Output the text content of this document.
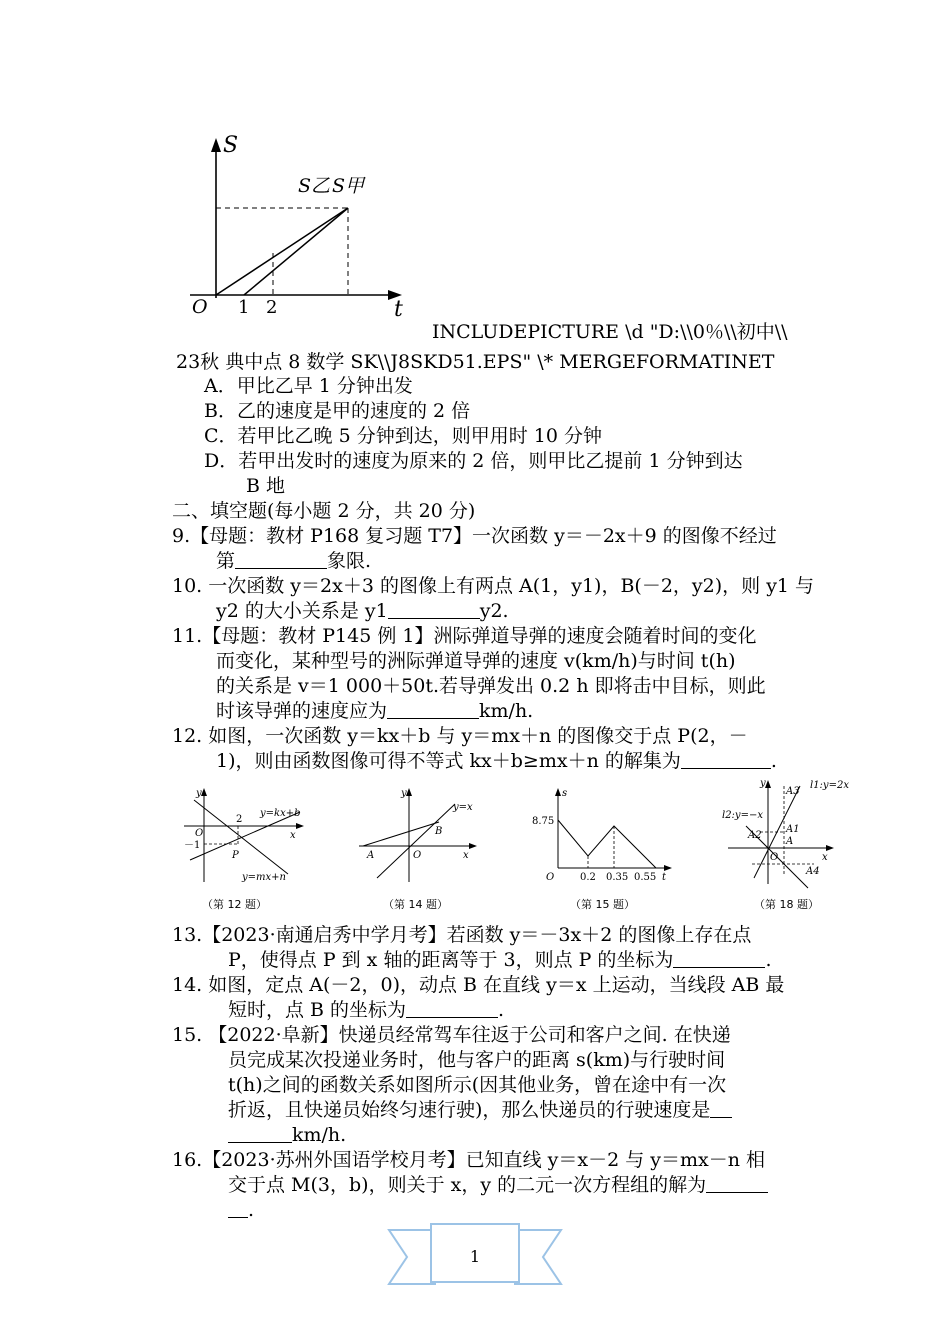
S
t
O 1 2
S乙 S甲
INCLUDEPICTURE \d "D:\\0％\\初中\\
23秋 典中点 8 数学 SK\\J8SKD51.EPS" \* MERGEFORMATINET
A．甲比乙早 1 分钟出发
B．乙的速度是甲的速度的 2 倍
C．若甲比乙晚 5 分钟到达，则甲用时 10 分钟
D．若甲出发时的速度为原来的 2 倍，则甲比乙提前 1 分钟到达
B 地
二、填空题(每小题 2 分，共 20 分)
9.【母题：教材 P168 复习题 T7】一次函数 y＝－2x＋9 的图像不经过
第	象限.
10. 一次函数 y＝2x＋3 的图像上有两点 A(1，y1)，B(－2，y2)，则 y1 与
y2 的大小关系是 y1	y2.
11.【母题：教材 P145 例 1】洲际弹道导弹的速度会随着时间的变化
而变化，某种型号的洲际弹道导弹的速度 v(km/h)与时间 t(h)
的关系是 v＝1 000＋50t.若导弹发出 0.2 h 即将击中目标，则此
时该导弹的速度应为	km/h.
12. 如图，一次函数 y＝kx＋b 与 y＝mx＋n 的图像交于点 P(2，－
1)，则由函数图像可得不等式 kx＋b≥mx＋n 的解集为	.
y
x
O
2
－1
P
y=kx+b
y=mx+n
（第 12 题）
y
x
O
A
B
y=x
（第 14 题）
s
t
O
8.75
0.2 0.35 0.55
（第 15 题）
y
x
O
l1:y=2x
l2:y=−x
A
A1
A2
A3
A4
（第 18 题）
13.【2023·南通启秀中学月考】若函数 y＝－3x＋2 的图像上存在点
P，使得点 P 到 x 轴的距离等于 3，则点 P 的坐标为	.
14. 如图，定点 A(－2，0)，动点 B 在直线 y＝x 上运动，当线段 AB 最
短时，点 B 的坐标为	.
15. 【2022·阜新】快递员经常驾车往返于公司和客户之间. 在快递
员完成某次投递业务时，他与客户的距离 s(km)与行驶时间
t(h)之间的函数关系如图所示(因其他业务，曾在途中有一次
折返，且快递员始终匀速行驶)，那么快递员的行驶速度是
km/h.
16.【2023·苏州外国语学校月考】已知直线 y＝x－2 与 y＝mx－n 相
交于点 M(3，b)，则关于 x，y 的二元一次方程组的解为
.
1
